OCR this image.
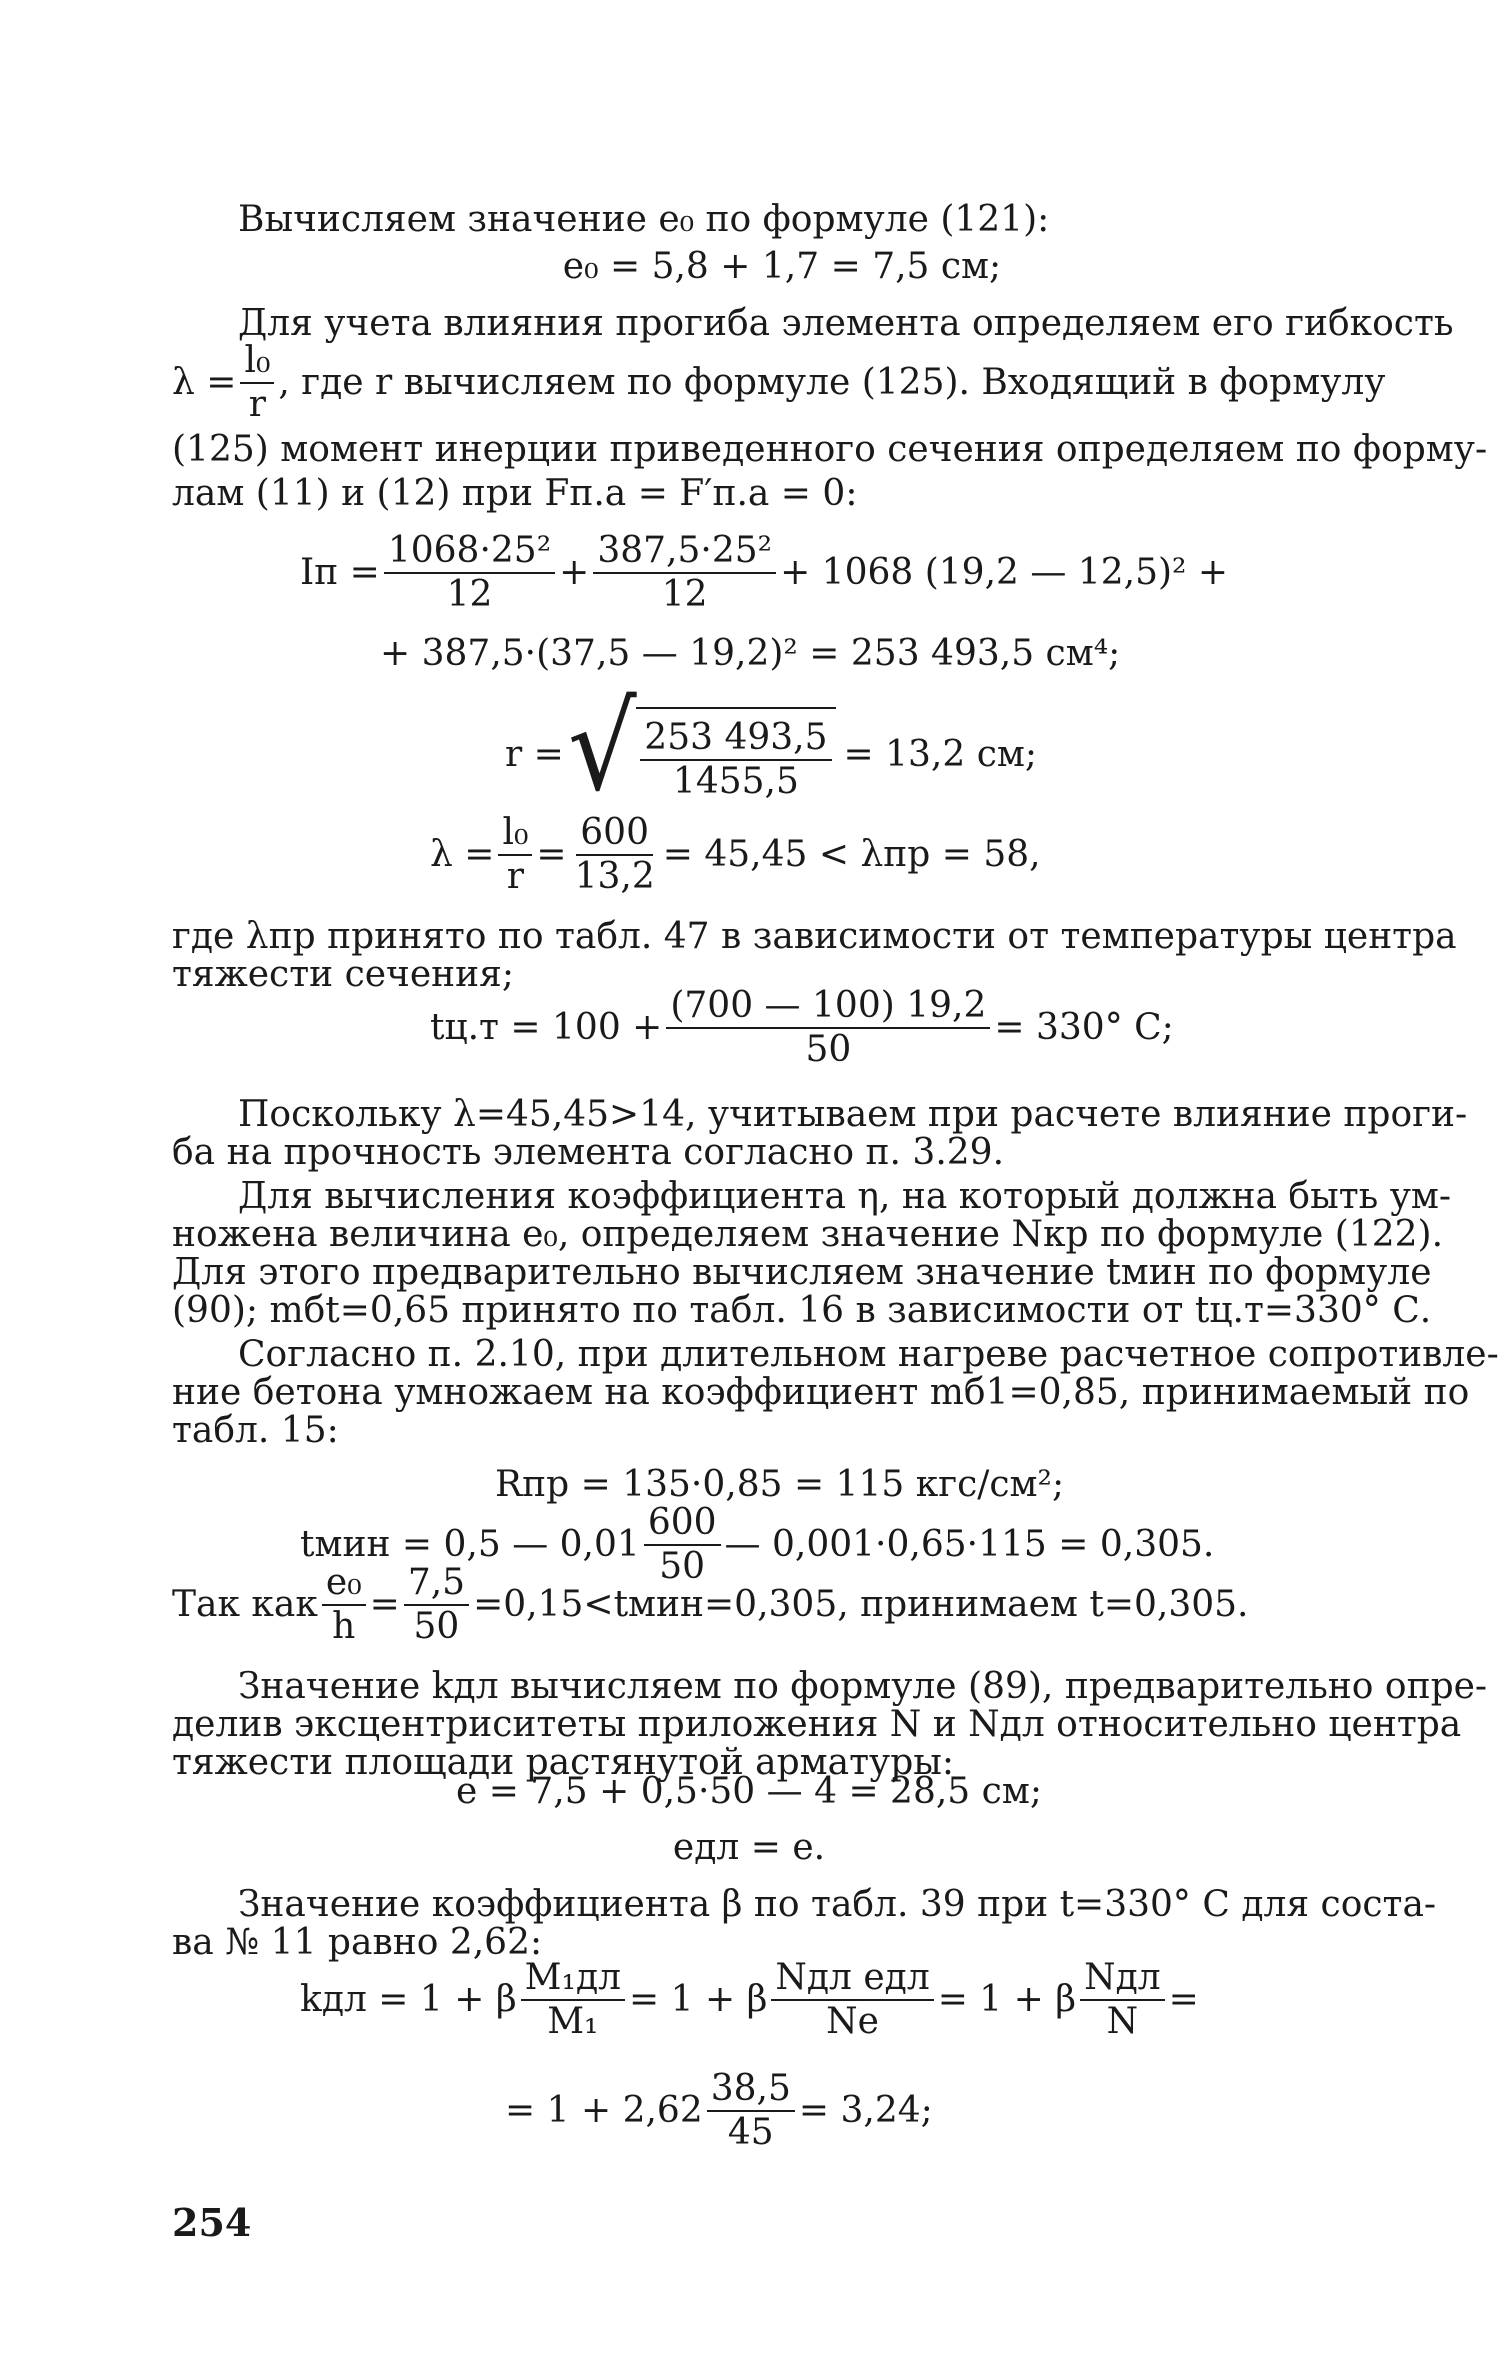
Вычисляем значение e₀ по формуле (121):
e₀ = 5,8 + 1,7 = 7,5 см;
Для учета влияния прогиба элемента определяем его гибкость
$\lambda = \frac{\text{l₀}}{r}$ , где r вычисляем по формуле (125). Входящий в формулу
(125) момент инерции приведенного сечения определяем по форму-
лам (11) и (12) при Fп.а = F′п.а = 0:
Iп = $\frac{\text{1068·25²}}{12} + \frac{\text{387,5·25²}}{12} + 1068$ (19,2 — 12,5)² +
+ 387,5·(37,5 — 19,2)² = 253 493,5 см⁴;
r = √ $\frac{253 493,5}{1455,5} = 13,2$ см;
$\lambda = \frac{\text{l₀}}{r} = \frac{600}{13,2} = 45,45 < \lambda пр = 58$,
где λпр принято по табл. 47 в зависимости от температуры центра
тяжести сечения;
$tц.т = 100 + \frac{(700 — 100) 19,2}{50} = 330^\circ$ С;
Поскольку λ=45,45>14, учитываем при расчете влияние проги-
ба на прочность элемента согласно п. 3.29.
Для вычисления коэффициента η, на который должна быть ум-
ножена величина e₀, определяем значение Nкр по формуле (122).
Для этого предварительно вычисляем значение tмин по формуле
(90); mбt=0,65 принято по табл. 16 в зависимости от tц.т=330° С.
Согласно п. 2.10, при длительном нагреве расчетное сопротивле-
ние бетона умножаем на коэффициент mб1=0,85, принимаемый по
табл. 15:
Rпр = 135·0,85 = 115 кгс/см²;
tмин = 0,5 — $0,01 \frac{600}{50}$ — 0,001·0,65·115 = 0,305.
Так как $\frac{\text{e₀}}{h} = \frac{7,5}{50}$ =0,15<tмин=0,305, принимаем t=0,305.
Значение kдл вычисляем по формуле (89), предварительно опре-
делив эксцентриситеты приложения N и Nдл относительно центра
тяжести площади растянутой арматуры:
e = 7,5 + 0,5·50 — 4 = 28,5 см;
eдл = e.
Значение коэффициента β по табл. 39 при t=330° С для соста-
ва № 11 равно 2,62:
kдл = 1 + β
M₁дл
M₁
= 1 + β
Nдл eдл
Ne
= 1 + β
Nдл
N
=
= $1 + 2,62 \frac{38,5}{45} = 3,24$;
254
